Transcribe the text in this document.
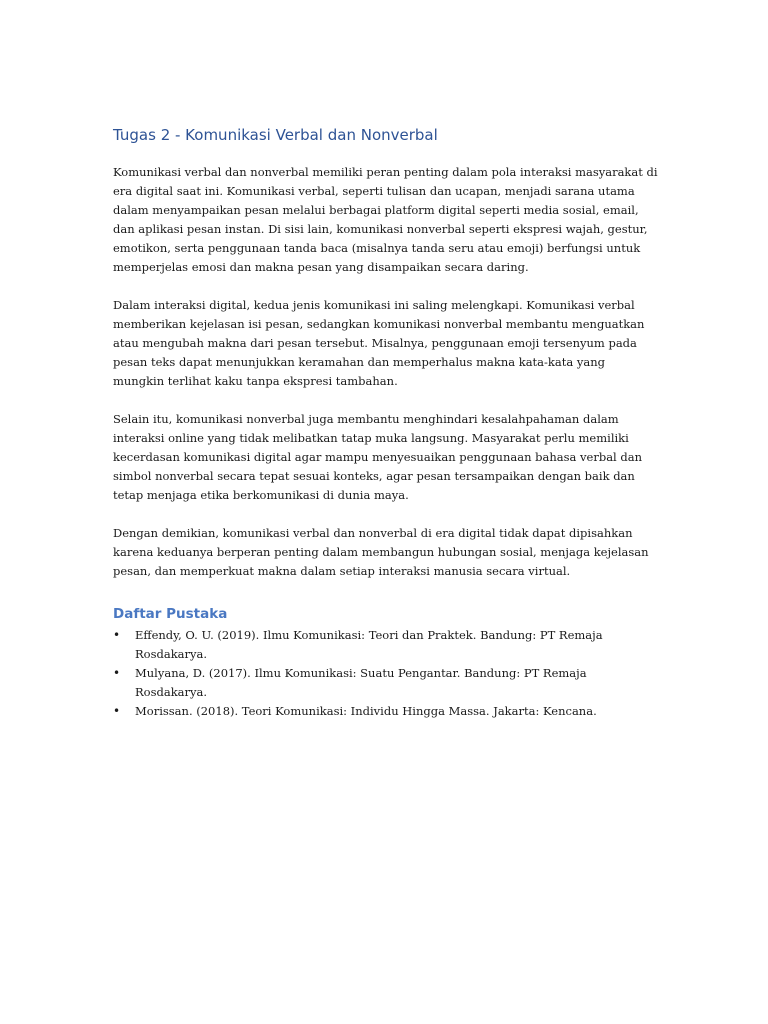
Tugas 2 - Komunikasi Verbal dan Nonverbal

Komunikasi verbal dan nonverbal memiliki peran penting dalam pola interaksi masyarakat di era digital saat ini. Komunikasi verbal, seperti tulisan dan ucapan, menjadi sarana utama dalam menyampaikan pesan melalui berbagai platform digital seperti media sosial, email, dan aplikasi pesan instan. Di sisi lain, komunikasi nonverbal seperti ekspresi wajah, gestur, emotikon, serta penggunaan tanda baca (misalnya tanda seru atau emoji) berfungsi untuk memperjelas emosi dan makna pesan yang disampaikan secara daring.

Dalam interaksi digital, kedua jenis komunikasi ini saling melengkapi. Komunikasi verbal memberikan kejelasan isi pesan, sedangkan komunikasi nonverbal membantu menguatkan atau mengubah makna dari pesan tersebut. Misalnya, penggunaan emoji tersenyum pada pesan teks dapat menunjukkan keramahan dan memperhalus makna kata-kata yang mungkin terlihat kaku tanpa ekspresi tambahan.

Selain itu, komunikasi nonverbal juga membantu menghindari kesalahpahaman dalam interaksi online yang tidak melibatkan tatap muka langsung. Masyarakat perlu memiliki kecerdasan komunikasi digital agar mampu menyesuaikan penggunaan bahasa verbal dan simbol nonverbal secara tepat sesuai konteks, agar pesan tersampaikan dengan baik dan tetap menjaga etika berkomunikasi di dunia maya.

Dengan demikian, komunikasi verbal dan nonverbal di era digital tidak dapat dipisahkan karena keduanya berperan penting dalam membangun hubungan sosial, menjaga kejelasan pesan, dan memperkuat makna dalam setiap interaksi manusia secara virtual.

Daftar Pustaka
• Effendy, O. U. (2019). Ilmu Komunikasi: Teori dan Praktek. Bandung: PT Remaja Rosdakarya.
• Mulyana, D. (2017). Ilmu Komunikasi: Suatu Pengantar. Bandung: PT Remaja Rosdakarya.
• Morissan. (2018). Teori Komunikasi: Individu Hingga Massa. Jakarta: Kencana.
